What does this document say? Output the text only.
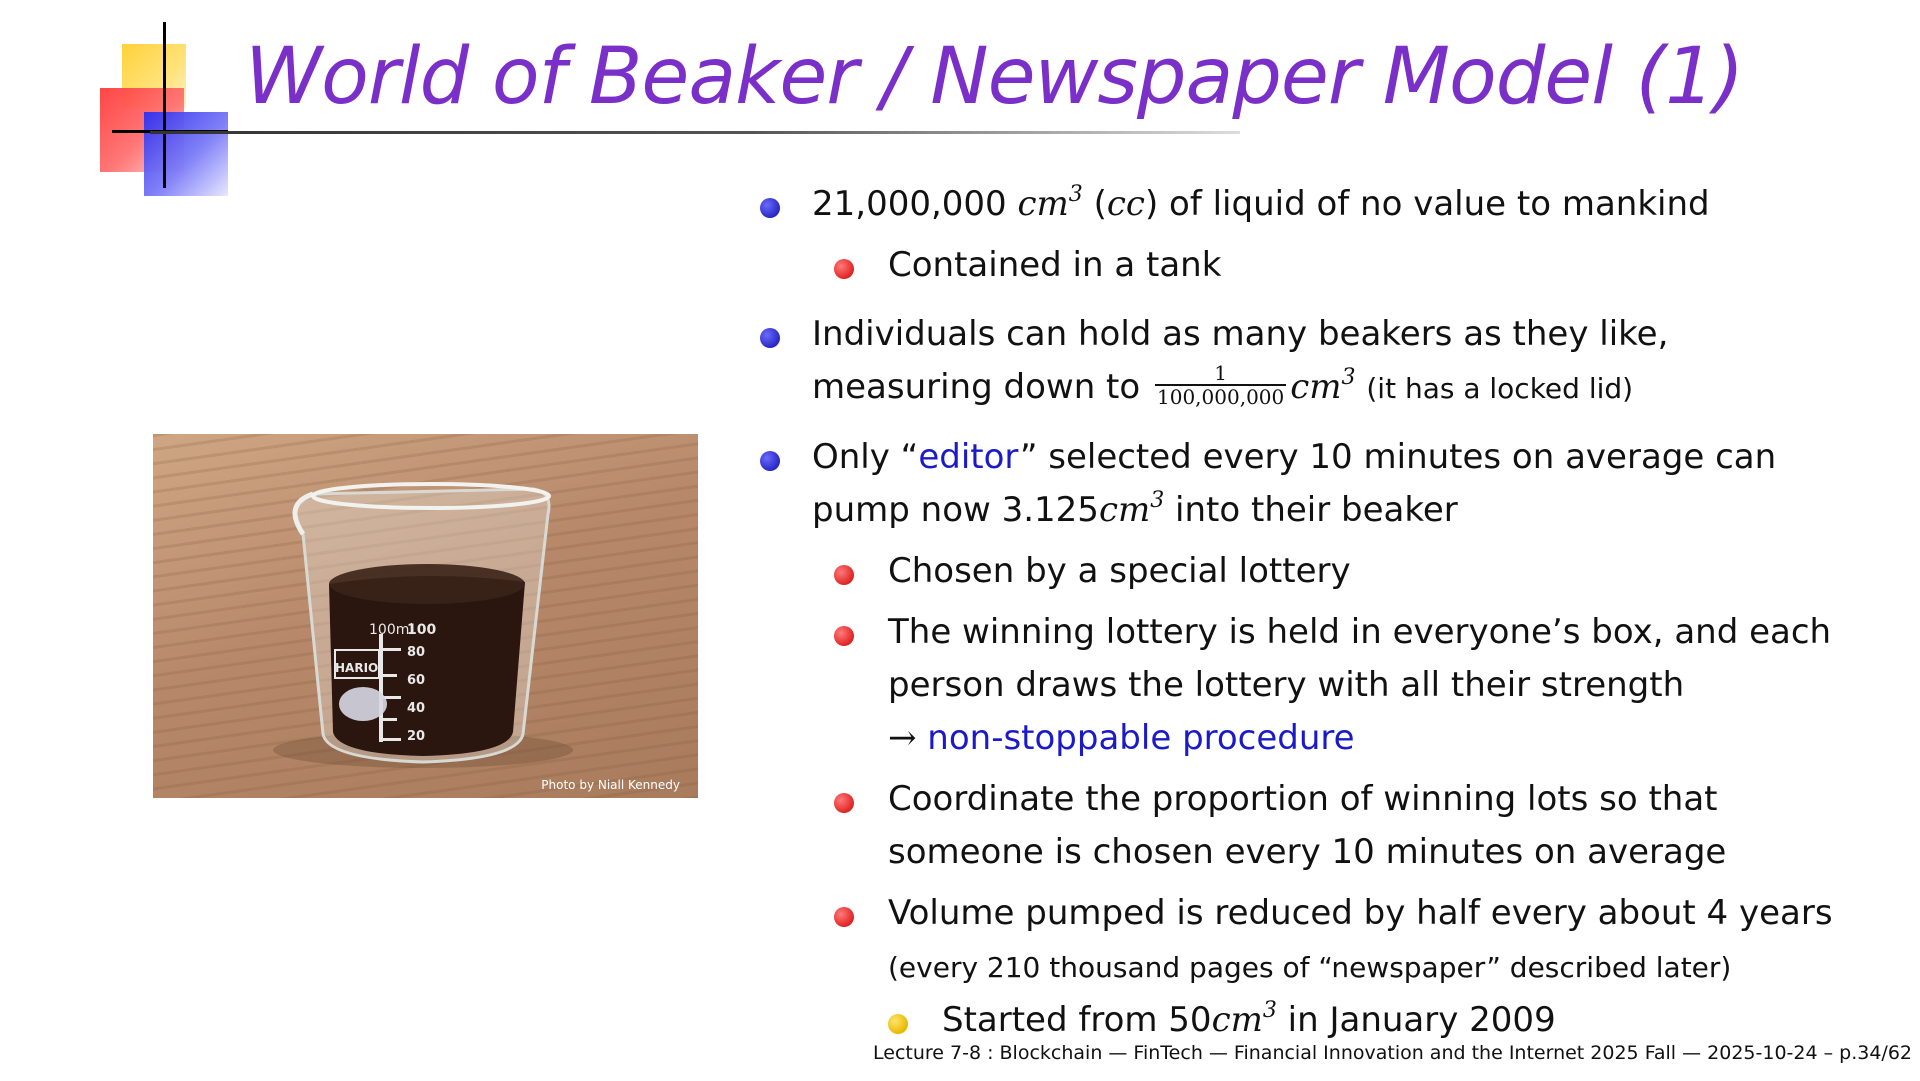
World of Beaker / Newspaper Model (1)
100ml
HARIO
100
80
60
40
20
Photo by Niall Kennedy
21,000,000 $cm^3$ (cc) of liquid of no value to mankind
Contained in a tank
Individuals can hold as many beakers as they like,
measuring down to $\frac{1}{100,000,000} cm^3$ (it has a locked lid)
Only “editor” selected every 10 minutes on average can
pump now $3.125cm^3$ into their beaker
Chosen by a special lottery
The winning lottery is held in everyone’s box, and each
person draws the lottery with all their strength
→ non-stoppable procedure
Coordinate the proportion of winning lots so that
someone is chosen every 10 minutes on average
Volume pumped is reduced by half every about 4 years
(every 210 thousand pages of “newspaper” described later)
Started from $50cm^3$ in January 2009
Lecture 7-8 : Blockchain — FinTech — Financial Innovation and the Internet 2025 Fall — 2025-10-24 – p.34/62
